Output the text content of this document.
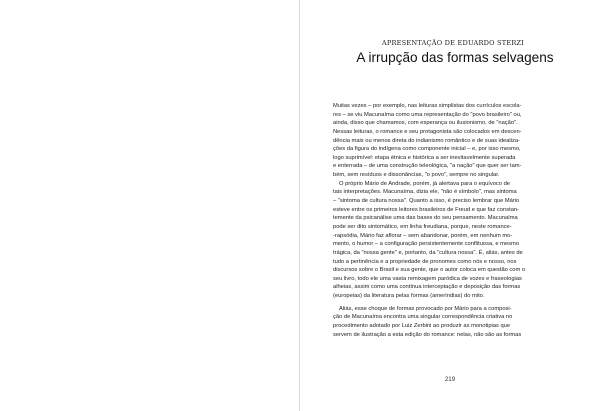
APRESENTAÇÃO DE EDUARDO STERZI
A irrupção das formas selvagens
Muitas vezes – por exemplo, nas leituras simplistas dos currículos escola-
res – se viu Macunaíma como uma representação do "povo brasileiro" ou,
ainda, disso que chamamos, com esperança ou ilusionismo, de "nação".
Nessas leituras, o romance e seu protagonista são colocados em descen-
dência mais ou menos direta do indianismo romântico e de suas idealiza-
ções da figura do indígena como componente inicial – e, por isso mesmo,
logo suprimível: etapa étnica e histórica a ser inevitavelmente superada
e enterrada – de uma construção teleológica, "a nação" que quer ser tam-
bém, sem resíduos e dissonâncias, "o povo", sempre no singular.
O próprio Mário de Andrade, porém, já alertava para o equívoco de
tais interpretações. Macunaíma, dizia ele, "não é símbolo", mas sintoma
– "sintoma de cultura nossa". Quanto a isso, é preciso lembrar que Mário
esteve entre os primeiros leitores brasileiros de Freud e que faz constan-
temente da psicanálise uma das bases do seu pensamento. Macunaíma
pode ser dito sintomático, em linha freudiana, porque, neste romance-
-rapsódia, Mário faz aflorar – sem abandonar, porém, em nenhum mo-
mento, o humor – a configuração persistentemente conflituosa, e mesmo
trágica, da "nossa gente" e, portanto, da "cultura nossa". É, aliás, antes de
tudo a pertinência e a propriedade de pronomes como nós e nosso, nos
discursos sobre o Brasil e sua gente, que o autor coloca em questão com o
seu livro, todo ele uma vasta remixagem paródica de vozes e fraseologias
alheias, assim como uma contínua interceptação e deposição das formas
(europeias) da literatura pelas formas (ameríndias) do mito.
Aliás, esse choque de formas provocado por Mário para a composi-
ção de Macunaíma encontra uma singular correspondência criativa no
procedimento adotado por Luiz Zerbini ao produzir as monotipias que
servem de ilustração a esta edição do romance: nelas, não são as formas
219
